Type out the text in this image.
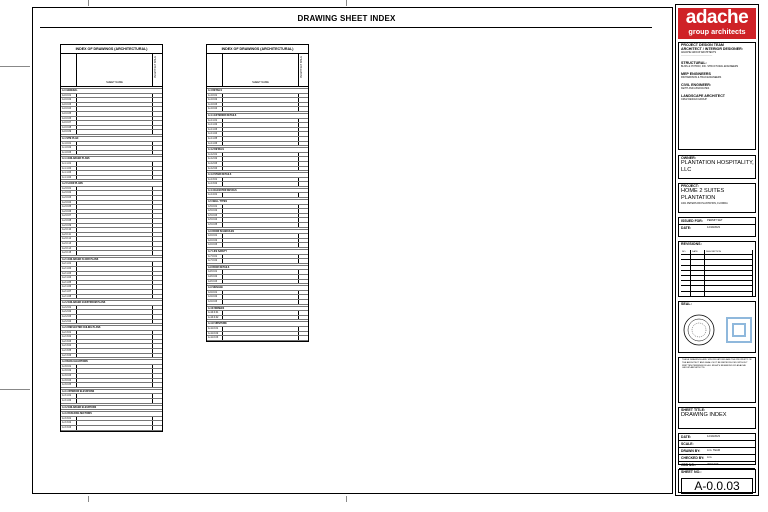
DRAWING SHEET INDEX
INDEX OF DRAWINGS (ARCHITECTURAL)
SHEET NAME
PERMIT SET ISSUE
A-0 GENERAL
A-0.0.01
A-0.0.02
A-0.0.03
A-0.0.04
A-0.0.05
A-0.0.06
A-0.0.07
A-0.0.08
A-0.0.09
A-1 SITE PLAN
A-1.0.01
A-1.0.02
A-1.0.03
A-1.1 ENLARGED PLANS
A-1.1.01
A-1.1.02
A-1.1.03
A-1.1.04
A-2 FLOOR PLANS
A-2.0.01
A-2.0.02
A-2.0.03
A-2.0.04
A-2.0.05
A-2.0.06
A-2.0.07
A-2.0.08
A-2.0.09
A-2.0.10
A-2.0.11
A-2.0.12
A-2.0.13
A-2.0.14
A-2.0.15
A-2.1 ENLARGED FLOOR PLANS
A-2.1.01
A-2.1.02
A-2.1.03
A-2.1.04
A-2.1.05
A-2.1.06
A-2.1.07
A-2.1.08
A-2.2 ENLARGED GUESTROOM PLANS
A-2.2.01
A-2.2.02
A-2.2.03
A-2.2.04
A-2.3 REFLECTED CEILING PLANS
A-2.3.01
A-2.3.02
A-2.3.03
A-2.3.04
A-2.3.05
A-2.3.06
A-3 BLDG ELEVATIONS
A-3.0.01
A-3.0.02
A-3.0.03
A-3.0.04
A-3.0.05
A-3.1 INTERIOR ELEVATIONS
A-3.1.01
A-3.1.02
A-3.2 ENLARGED ELEVATIONS
A-3.3 BUILDING SECTIONS
A-3.3.01
A-3.3.02
A-3.3.03
INDEX OF DRAWINGS (ARCHITECTURAL)
SHEET NAME
PERMIT SET ISSUE
A-4 DETAILS
A-4.0.01
A-4.0.02
A-4.0.03
A-4.0.04
A-4.1 EXTERIOR DETAILS
A-4.1.01
A-4.1.02
A-4.1.03
A-4.1.04
A-4.1.05
A-4.1.06
A-4.2 DETAILS
A-4.2.01
A-4.2.02
A-4.2.03
A-4.2.04
A-4.3 STAIR DETAILS
A-4.3.01
A-4.3.02
A-4.4 ELEVATOR DETAILS
A-4.4.01
A-5 WALL TYPES
A-5.0.01
A-5.0.02
A-5.0.03
A-5.0.04
A-5.0.05
A-6 DOOR SCHEDULES
A-6.0.01
A-6.0.02
A-6.0.03
A-7 LIFE SAFETY
A-7.0.01
A-7.0.02
A-8 ROOF DETAILS
A-8.0.01
A-8.0.02
A-8.0.03
A-9 SIGNAGE
A-9.0.01
A-9.0.02
A-9.0.03
A-10 FINISHES
A-10.0.01
A-10.0.02
A-11 FURNITURE
A-11.0.01
A-11.0.02
A-11.0.03
adache
group architects
PROJECT DESIGN TEAM
ARCHITECT / INTERIOR DESIGNER:
ADACHE GROUP ARCHITECTS
—————————————
STRUCTURAL:
BLISS & NYITRAY, INC. STRUCTURAL ENGINEERS
MEP ENGINEERS
RICHARDSON & TRAN ENGINEERS
CIVIL ENGINEER:
KEITH AND ASSOCIATES
LANDSCAPE ARCHITECT
CRUZ DESIGN GROUP
OWNER:
PLANTATION HOSPITALITY, LLC
PROJECT:
HOME 2 SUITES PLANTATION
1001 PETERS RD PLANTATION, FLORIDA
ISSUED FOR:	PERMIT SET
DATE:	12/19/2023
REVISIONS:
NO.	DATE	DESCRIPTION
SEAL:
THESE DRAWINGS AND SPECIFICATIONS ARE THE PROPERTY OF THE ARCHITECT AND SHALL NOT BE REPRODUCED WITHOUT WRITTEN PERMISSION. ALL RIGHTS RESERVED BY ADACHE GROUP ARCHITECTS.
SHEET TITLE:
DRAWING INDEX
DATE:	12/19/2023
SCALE:
DRAWN BY:	A.G. TEAM
CHECKED BY:	A.G.
JOB NO.:	2023-0XX
SHEET NO.:
A-0.0.03
